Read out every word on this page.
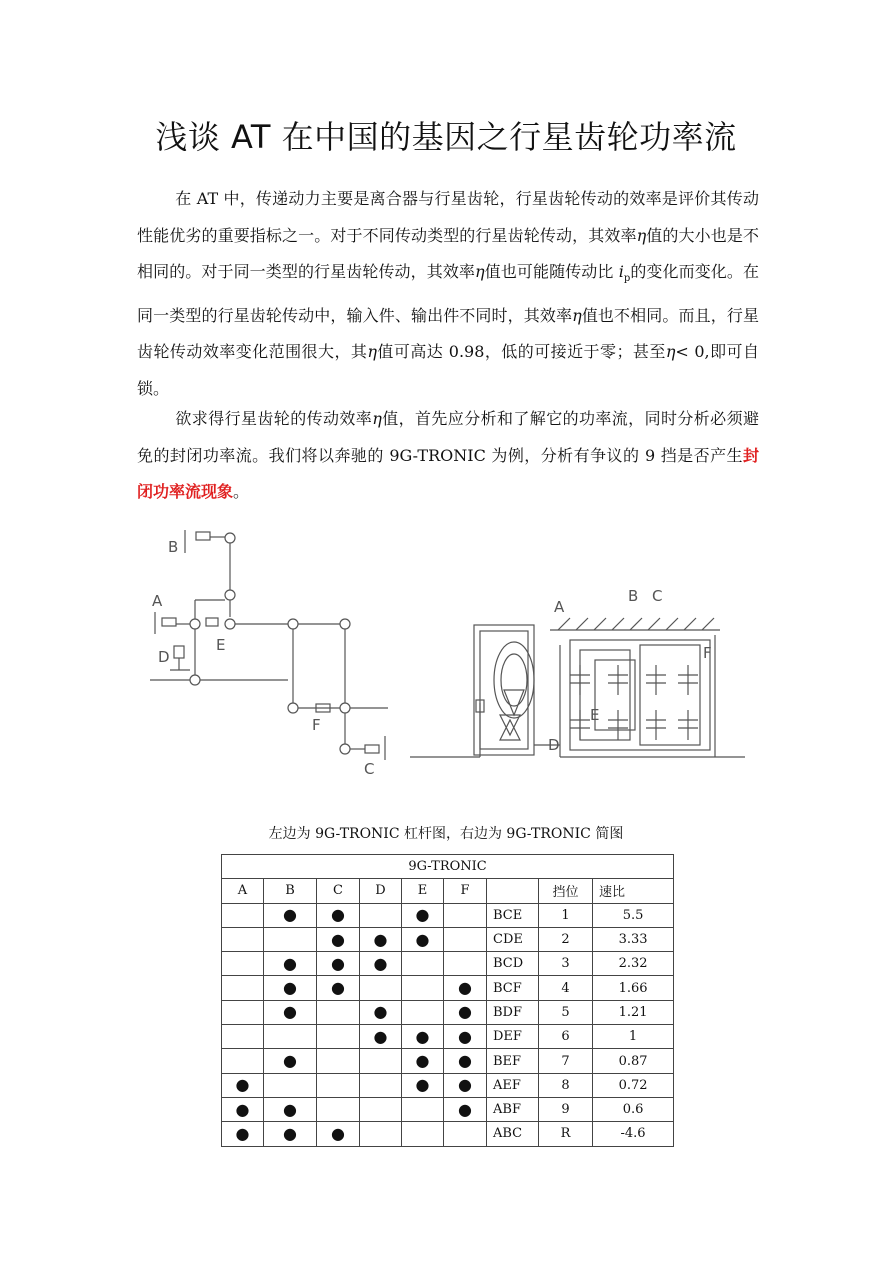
浅谈 AT 在中国的基因之行星齿轮功率流

在 AT 中，传递动力主要是离合器与行星齿轮，行星齿轮传动的效率是评价其传动性能优劣的重要指标之一。对于不同传动类型的行星齿轮传动，其效率η值的大小也是不相同的。对于同一类型的行星齿轮传动，其效率η值也可能随传动比 $i_p$的变化而变化。在同一类型的行星齿轮传动中，输入件、输出件不同时，其效率η值也不相同。而且，行星齿轮传动效率变化范围很大，其η值可高达 0.98，低的可接近于零；甚至η< 0,即可自锁。

欲求得行星齿轮的传动效率η值，首先应分析和了解它的功率流，同时分析必须避免的封闭功率流。我们将以奔驰的 9G-TRONIC 为例，分析有争议的 9 挡是否产生封闭功率流现象。

B
A
D
E
F
C
A
B C
F
E
D
左边为 9G-TRONIC 杠杆图，右边为 9G-TRONIC 简图
9G-TRONIC								
A	B	C	D	E	F		挡位	速比
	●	●		●		BCE	1	5.5
		●	●	●		CDE	2	3.33
	●	●	●			BCD	3	2.32
	●	●			●	BCF	4	1.66
	●		●		●	BDF	5	1.21
			●	●	●	DEF	6	1
	●			●	●	BEF	7	0.87
●				●	●	AEF	8	0.72
●	●				●	ABF	9	0.6
●	●	●				ABC	R	-4.6
